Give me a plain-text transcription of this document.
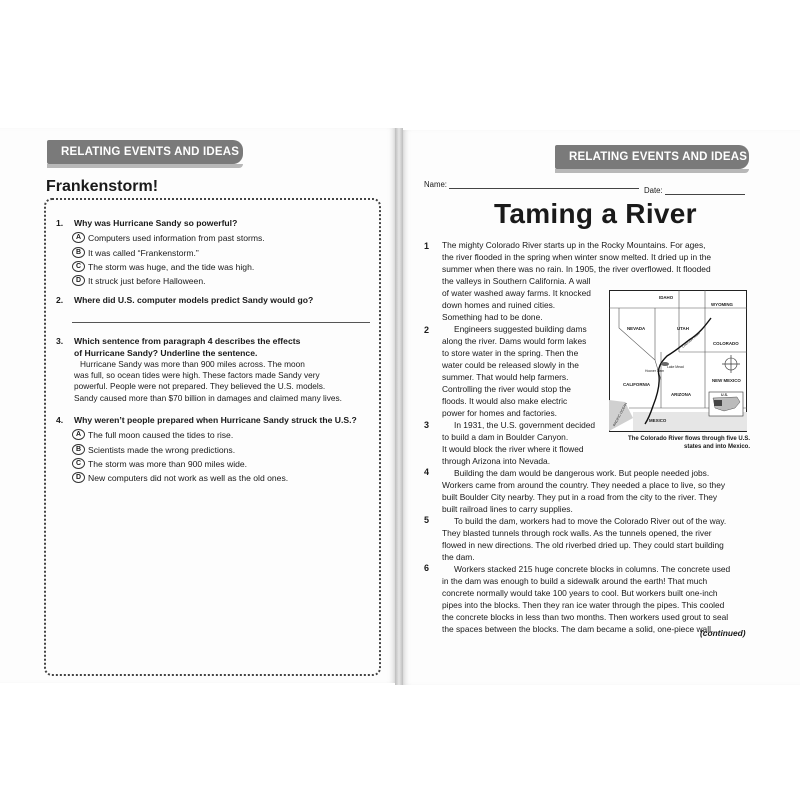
RELATING EVENTS AND IDEAS
Frankenstorm!
1. Why was Hurricane Sandy so powerful?
A Computers used information from past storms.
B It was called “Frankenstorm.”
C The storm was huge, and the tide was high.
D It struck just before Halloween.
2. Where did U.S. computer models predict Sandy would go?
3. Which sentence from paragraph 4 describes the effects
of Hurricane Sandy? Underline the sentence.
Hurricane Sandy was more than 900 miles across. The moon
was full, so ocean tides were high. These factors made Sandy very
powerful. People were not prepared. They believed the U.S. models.
Sandy caused more than $70 billion in damages and claimed many lives.
4. Why weren’t people prepared when Hurricane Sandy struck the U.S.?
A The full moon caused the tides to rise.
B Scientists made the wrong predictions.
C The storm was more than 900 miles wide.
D New computers did not work as well as the old ones.
RELATING EVENTS AND IDEAS
Name:
Date:
Taming a River
1
2
3
4
5
6
The mighty Colorado River starts up in the Rocky Mountains. For ages,
the river flooded in the spring when winter snow melted. It dried up in the
summer when there was no rain. In 1905, the river overflowed. It flooded
the valleys in Southern California. A wall
of water washed away farms. It knocked
down homes and ruined cities.
Something had to be done.
Engineers suggested building dams
along the river. Dams would form lakes
to store water in the spring. Then the
water could be released slowly in the
summer. That would help farmers.
Controlling the river would stop the
floods. It would also make electric
power for homes and factories.
In 1931, the U.S. government decided
to build a dam in Boulder Canyon.
It would block the river where it flowed
through Arizona into Nevada.
Building the dam would be dangerous work. But people needed jobs.
Workers came from around the country. They needed a place to live, so they
built Boulder City nearby. They put in a road from the city to the river. They
built railroad lines to carry supplies.
To build the dam, workers had to move the Colorado River out of the way.
They blasted tunnels through rock walls. As the tunnels opened, the river
flowed in new directions. The old riverbed dried up. They could start building
the dam.
Workers stacked 215 huge concrete blocks in columns. The concrete used
in the dam was enough to build a sidewalk around the earth! That much
concrete normally would take 100 years to cool. But workers built one-inch
pipes into the blocks. Then they ran ice water through the pipes. This cooled
the concrete blocks in less than two months. Then workers used grout to seal
the spaces between the blocks. The dam became a solid, one-piece wall.
(continued)
IDAHO
WYOMING
NEVADA	UTAH
COLORADO
CALIFORNIA
ARIZONA
NEW MEXICO
MEXICO
U.S.
PACIFIC OCEAN
Hoover Dam
Lake Mead
Colorado River
The Colorado River flows through five U.S. states and into Mexico.
